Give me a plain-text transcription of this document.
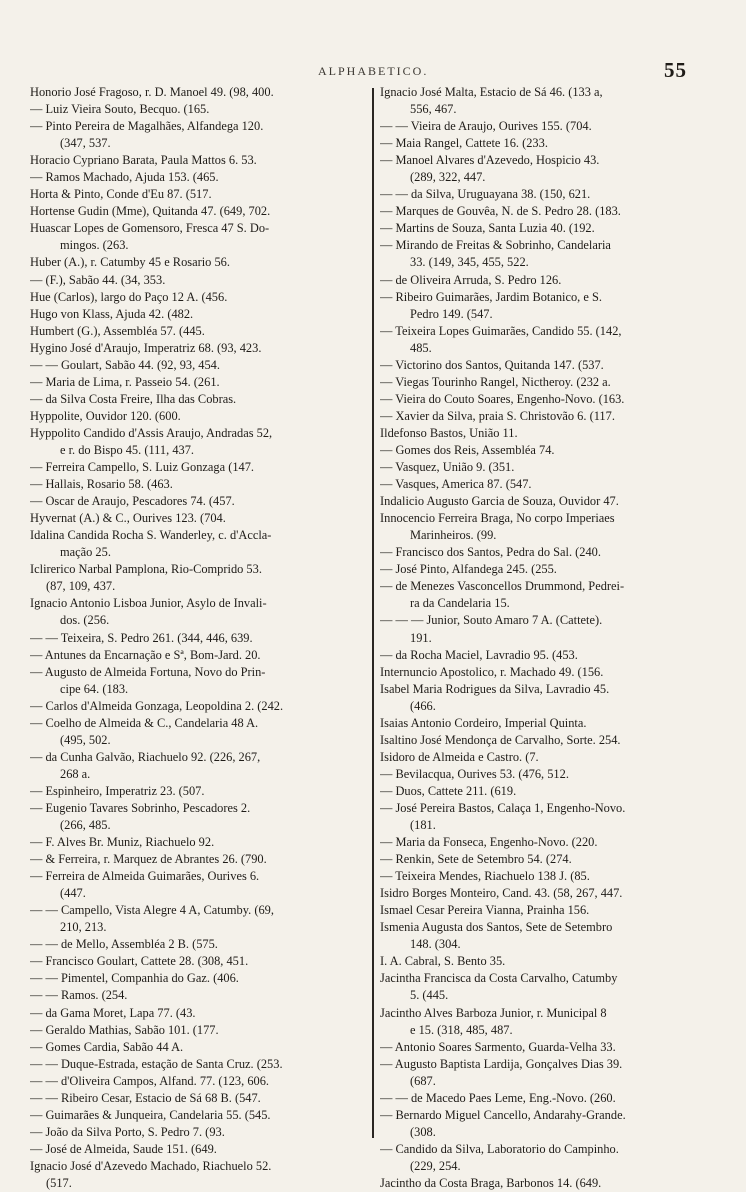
ALPHABETICO.	55
Honorio José Fragoso, r. D. Manoel 49. (98, 400.
— Luiz Vieira Souto, Becquo. (165.
— Pinto Pereira de Magalhães, Alfandega 120.
(347, 537.
Horacio Cypriano Barata, Paula Mattos 6. 53.
— Ramos Machado, Ajuda 153. (465.
Horta & Pinto, Conde d'Eu 87. (517.
Hortense Gudin (Mme), Quitanda 47. (649, 702.
Huascar Lopes de Gomensoro, Fresca 47 S. Do-
mingos. (263.
Huber (A.), r. Catumby 45 e Rosario 56.
— (F.), Sabão 44. (34, 353.
Hue (Carlos), largo do Paço 12 A. (456.
Hugo von Klass, Ajuda 42. (482.
Humbert (G.), Assembléa 57. (445.
Hygino José d'Araujo, Imperatriz 68. (93, 423.
— — Goulart, Sabão 44. (92, 93, 454.
— Maria de Lima, r. Passeio 54. (261.
— da Silva Costa Freire, Ilha das Cobras.
Hyppolite, Ouvidor 120. (600.
Hyppolito Candido d'Assis Araujo, Andradas 52,
e r. do Bispo 45. (111, 437.
— Ferreira Campello, S. Luiz Gonzaga (147.
— Hallais, Rosario 58. (463.
— Oscar de Araujo, Pescadores 74. (457.
Hyvernat (A.) & C., Ourives 123. (704.
Idalina Candida Rocha S. Wanderley, c. d'Accla-
mação 25.
Iclirerico Narbal Pamplona, Rio-Comprido 53.
(87, 109, 437.
Ignacio Antonio Lisboa Junior, Asylo de Invali-
dos. (256.
— — Teixeira, S. Pedro 261. (344, 446, 639.
— Antunes da Encarnação e Sª, Bom-Jard. 20.
— Augusto de Almeida Fortuna, Novo do Prin-
cipe 64. (183.
— Carlos d'Almeida Gonzaga, Leopoldina 2. (242.
— Coelho de Almeida & C., Candelaria 48 A.
(495, 502.
— da Cunha Galvão, Riachuelo 92. (226, 267,
268 a.
— Espinheiro, Imperatriz 23. (507.
— Eugenio Tavares Sobrinho, Pescadores 2.
(266, 485.
— F. Alves Br. Muniz, Riachuelo 92.
— & Ferreira, r. Marquez de Abrantes 26. (790.
— Ferreira de Almeida Guimarães, Ourives 6.
(447.
— — Campello, Vista Alegre 4 A, Catumby. (69,
210, 213.
— — de Mello, Assembléa 2 B. (575.
— Francisco Goulart, Cattete 28. (308, 451.
— — Pimentel, Companhia do Gaz. (406.
— — Ramos. (254.
— da Gama Moret, Lapa 77. (43.
— Geraldo Mathias, Sabão 101. (177.
— Gomes Cardia, Sabão 44 A.
— — Duque-Estrada, estação de Santa Cruz. (253.
— — d'Oliveira Campos, Alfand. 77. (123, 606.
— — Ribeiro Cesar, Estacio de Sá 68 B. (547.
— Guimarães & Junqueira, Candelaria 55. (545.
— João da Silva Porto, S. Pedro 7. (93.
— José de Almeida, Saude 151. (649.
Ignacio José d'Azevedo Machado, Riachuelo 52.
(517.
Ignacio José Malta, Estacio de Sá 46. (133 a,
556, 467.
— — Vieira de Araujo, Ourives 155. (704.
— Maia Rangel, Cattete 16. (233.
— Manoel Alvares d'Azevedo, Hospicio 43.
(289, 322, 447.
— — da Silva, Uruguayana 38. (150, 621.
— Marques de Gouvêa, N. de S. Pedro 28. (183.
— Martins de Souza, Santa Luzia 40. (192.
— Mirando de Freitas & Sobrinho, Candelaria
33. (149, 345, 455, 522.
— de Oliveira Arruda, S. Pedro 126.
— Ribeiro Guimarães, Jardim Botanico, e S.
Pedro 149. (547.
— Teixeira Lopes Guimarães, Candido 55. (142,
485.
— Victorino dos Santos, Quitanda 147. (537.
— Viegas Tourinho Rangel, Nictheroy. (232 a.
— Vieira do Couto Soares, Engenho-Novo. (163.
— Xavier da Silva, praia S. Christovão 6. (117.
Ildefonso Bastos, União 11.
— Gomes dos Reis, Assembléa 74.
— Vasquez, União 9. (351.
— Vasques, America 87. (547.
Indalicio Augusto Garcia de Souza, Ouvidor 47.
Innocencio Ferreira Braga, No corpo Imperiaes
Marinheiros. (99.
— Francisco dos Santos, Pedra do Sal. (240.
— José Pinto, Alfandega 245. (255.
— de Menezes Vasconcellos Drummond, Pedrei-
ra da Candelaria 15.
— — — Junior, Souto Amaro 7 A. (Cattete).
191.
— da Rocha Maciel, Lavradio 95. (453.
Internuncio Apostolico, r. Machado 49. (156.
Isabel Maria Rodrigues da Silva, Lavradio 45.
(466.
Isaias Antonio Cordeiro, Imperial Quinta.
Isaltino José Mendonça de Carvalho, Sorte. 254.
Isidoro de Almeida e Castro. (7.
— Bevilacqua, Ourives 53. (476, 512.
— Duos, Cattete 211. (619.
— José Pereira Bastos, Calaça 1, Engenho-Novo.
(181.
— Maria da Fonseca, Engenho-Novo. (220.
— Renkin, Sete de Setembro 54. (274.
— Teixeira Mendes, Riachuelo 138 J. (85.
Isidro Borges Monteiro, Cand. 43. (58, 267, 447.
Ismael Cesar Pereira Vianna, Prainha 156.
Ismenia Augusta dos Santos, Sete de Setembro
148. (304.
I. A. Cabral, S. Bento 35.
Jacintha Francisca da Costa Carvalho, Catumby
5. (445.
Jacintho Alves Barboza Junior, r. Municipal 8
e 15. (318, 485, 487.
— Antonio Soares Sarmento, Guarda-Velha 33.
— Augusto Baptista Lardija, Gonçalves Dias 39.
(687.
— — de Macedo Paes Leme, Eng.-Novo. (260.
— Bernardo Miguel Cancello, Andarahy-Grande.
(308.
— Candido da Silva, Laboratorio do Campinho.
(229, 254.
Jacintho da Costa Braga, Barbonos 14. (649.
